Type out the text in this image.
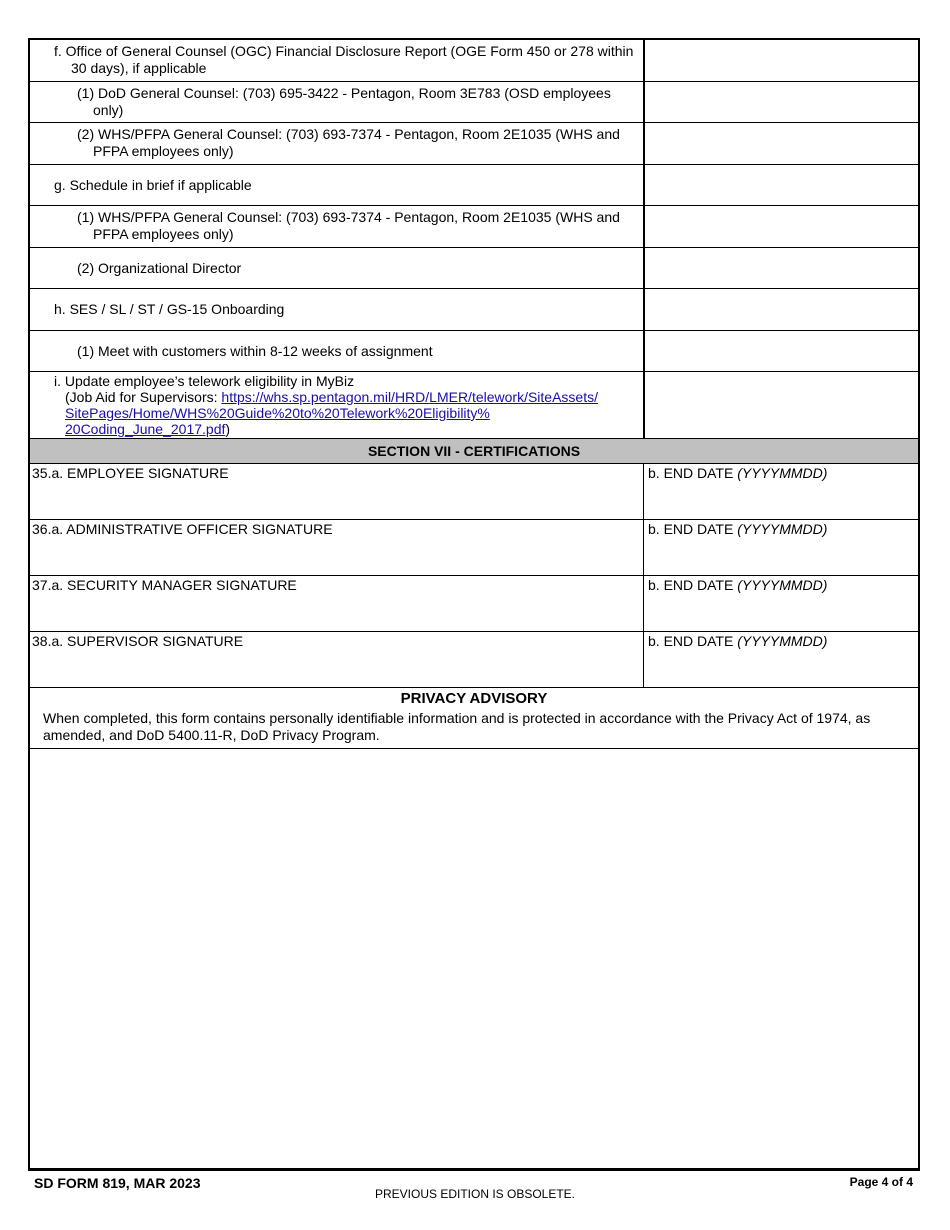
f. Office of General Counsel (OGC) Financial Disclosure Report (OGE Form 450 or 278 within
30 days), if applicable
(1) DoD General Counsel: (703) 695-3422 - Pentagon, Room 3E783 (OSD employees
only)
(2) WHS/PFPA General Counsel: (703) 693-7374 - Pentagon, Room 2E1035 (WHS and
PFPA employees only)
g. Schedule in brief if applicable
(1) WHS/PFPA General Counsel: (703) 693-7374 - Pentagon, Room 2E1035 (WHS and
PFPA employees only)
(2) Organizational Director
h. SES / SL / ST / GS-15 Onboarding
(1) Meet with customers within 8-12 weeks of assignment
i. Update employee’s telework eligibility in MyBiz
(Job Aid for Supervisors: https://whs.sp.pentagon.mil/HRD/LMER/telework/SiteAssets/
SitePages/Home/WHS%20Guide%20to%20Telework%20Eligibility%
20Coding_June_2017.pdf)
SECTION VII - CERTIFICATIONS
35.a. EMPLOYEE SIGNATURE	b. END DATE (YYYYMMDD)
36.a. ADMINISTRATIVE OFFICER SIGNATURE	b. END DATE (YYYYMMDD)
37.a. SECURITY MANAGER SIGNATURE	b. END DATE (YYYYMMDD)
38.a. SUPERVISOR SIGNATURE	b. END DATE (YYYYMMDD)
PRIVACY ADVISORY
When completed, this form contains personally identifiable information and is protected in accordance with the Privacy Act of 1974, as
amended, and DoD 5400.11-R, DoD Privacy Program.
SD FORM 819, MAR 2023
PREVIOUS EDITION IS OBSOLETE.
Page 4 of 4
